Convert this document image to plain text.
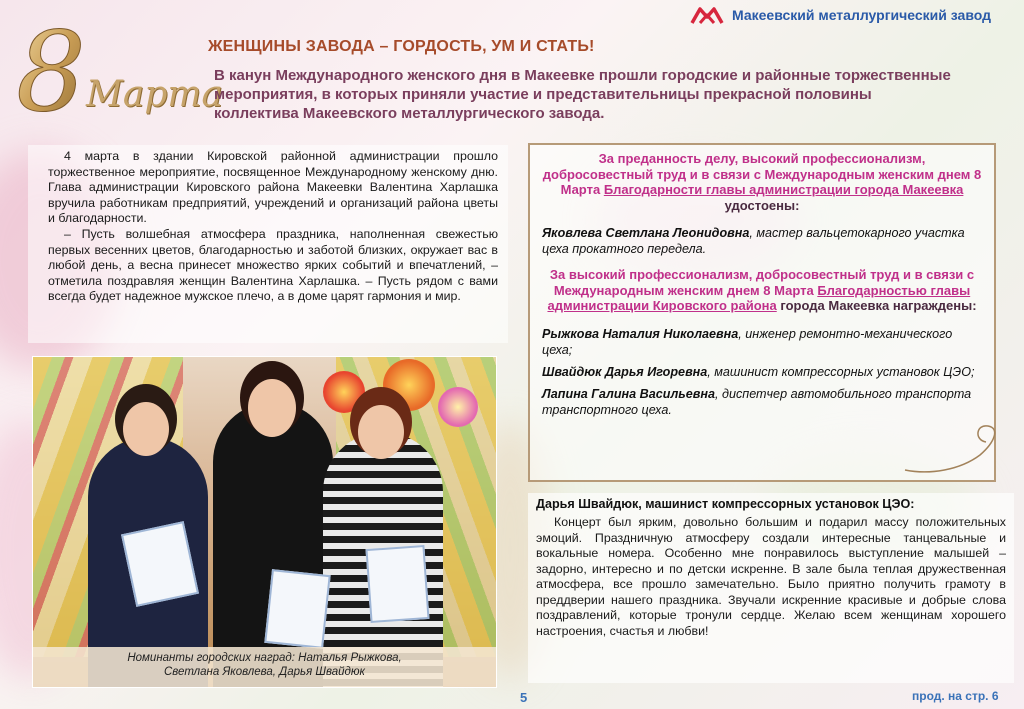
8 Марта
Макеевский металлургический завод
ЖЕНЩИНЫ ЗАВОДА – ГОРДОСТЬ, УМ И СТАТЬ!
В канун Международного женского дня в Макеевке прошли городские и районные торжественные мероприятия, в которых приняли участие и представительницы прекрасной половины коллектива Макеевского металлургического завода.

4 марта в здании Кировской районной администрации прошло торжественное мероприятие, посвященное Международному женскому дню. Глава администрации Кировского района Макеевки Валентина Харлашка вручила работникам предприятий, учреждений и организаций района цветы и благодарности.

– Пусть волшебная атмосфера праздника, наполненная свежестью первых весенних цветов, благодарностью и заботой близких, окружает вас в любой день, а весна принесет множество ярких событий и впечатлений, – отметила поздравляя женщин Валентина Харлашка. – Пусть рядом с вами всегда будет надежное мужское плечо, а в доме царят гармония и мир.

Номинанты городских наград: Наталья Рыжкова,
Светлана Яковлева, Дарья Швайдюк

За преданность делу, высокий профессионализм, добросовестный труд и в связи с Международным женским днем 8 Марта Благодарности главы администрации города Макеевка удостоены:

Яковлева Светлана Леонидовна, мастер вальцетокарного участка цеха прокатного передела.

За высокий профессионализм, добросовестный труд и в связи с Международным женским днем 8 Марта Благодарностью главы администрации Кировского района города Макеевка награждены:

Рыжкова Наталия Николаевна, инженер ремонтно-механического цеха;

Швайдюк Дарья Игоревна, машинист компрессорных установок ЦЭО;

Лапина Галина Васильевна, диспетчер автомобильного транспорта транспортного цеха.

Дарья Швайдюк, машинист компрессорных установок ЦЭО:

Концерт был ярким, довольно большим и подарил массу положительных эмоций. Праздничную атмосферу создали интересные танцевальные и вокальные номера. Особенно мне понравилось выступление малышей – задорно, интересно и по детски искренне. В зале была теплая дружественная атмосфера, все прошло замечательно. Было приятно получить грамоту в преддверии нашего праздника. Звучали искренние красивые и добрые слова поздравлений, которые тронули сердце. Желаю всем женщинам хорошего настроения, счастья и любви!

5	прод. на стр. 6
